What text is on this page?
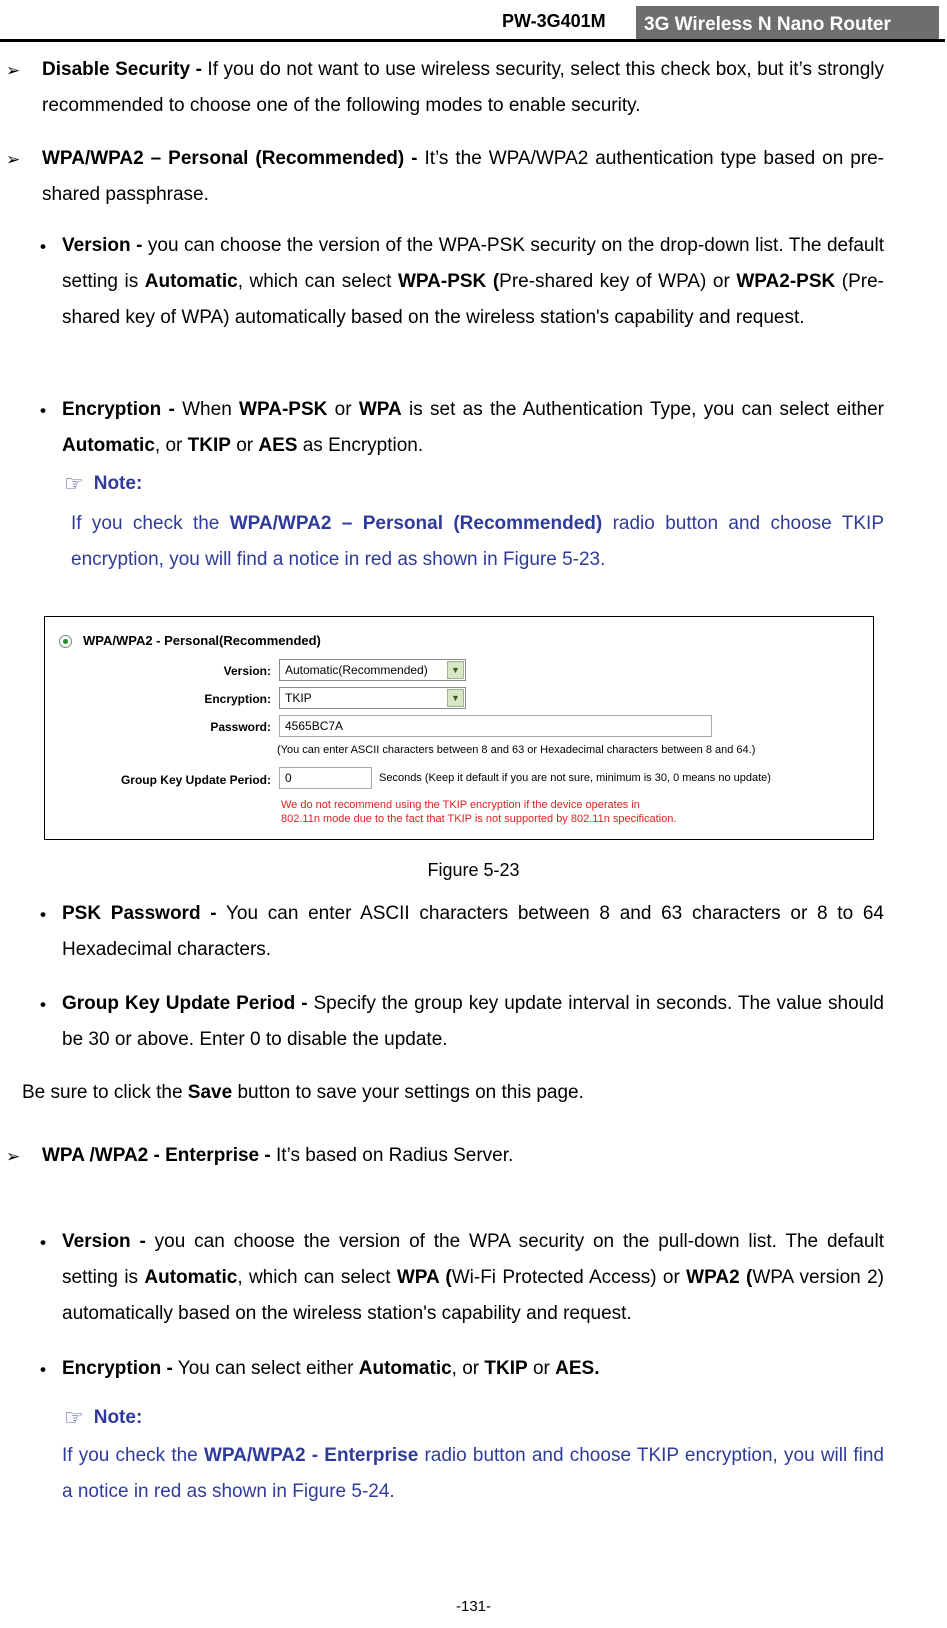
PW-3G401M	3G Wireless N Nano Router
➢ Disable Security - If you do not want to use wireless security, select this check box, but it’s strongly recommended to choose one of the following modes to enable security.
➢ WPA/WPA2 – Personal (Recommended) - It’s the WPA/WPA2 authentication type based on pre-shared passphrase.
• Version - you can choose the version of the WPA-PSK security on the drop-down list. The default setting is Automatic, which can select WPA-PSK (Pre-shared key of WPA) or WPA2-PSK (Pre-shared key of WPA) automatically based on the wireless station's capability and request.
• Encryption - When WPA-PSK or WPA is set as the Authentication Type, you can select either Automatic, or TKIP or AES as Encryption.
☞ Note:
If you check the WPA/WPA2 – Personal (Recommended) radio button and choose TKIP encryption, you will find a notice in red as shown in Figure 5-23.
WPA/WPA2 - Personal(Recommended)
Version:	Automatic(Recommended)	▼
Encryption:	TKIP	▼
Password:	4565BC7A
(You can enter ASCII characters between 8 and 63 or Hexadecimal characters between 8 and 64.)
Group Key Update Period:	0	Seconds (Keep it default if you are not sure, minimum is 30, 0 means no update)
We do not recommend using the TKIP encryption if the device operates in
802.11n mode due to the fact that TKIP is not supported by 802.11n specification.
Figure 5-23
• PSK Password - You can enter ASCII characters between 8 and 63 characters or 8 to 64 Hexadecimal characters.
• Group Key Update Period - Specify the group key update interval in seconds. The value should be 30 or above. Enter 0 to disable the update.
Be sure to click the Save button to save your settings on this page.
➢ WPA /WPA2 - Enterprise - It’s based on Radius Server.
• Version - you can choose the version of the WPA security on the pull-down list. The default setting is Automatic, which can select WPA (Wi-Fi Protected Access) or WPA2 (WPA version 2) automatically based on the wireless station's capability and request.
• Encryption - You can select either Automatic, or TKIP or AES.
☞ Note:
If you check the WPA/WPA2 - Enterprise radio button and choose TKIP encryption, you will find a notice in red as shown in Figure 5-24.
-131-
